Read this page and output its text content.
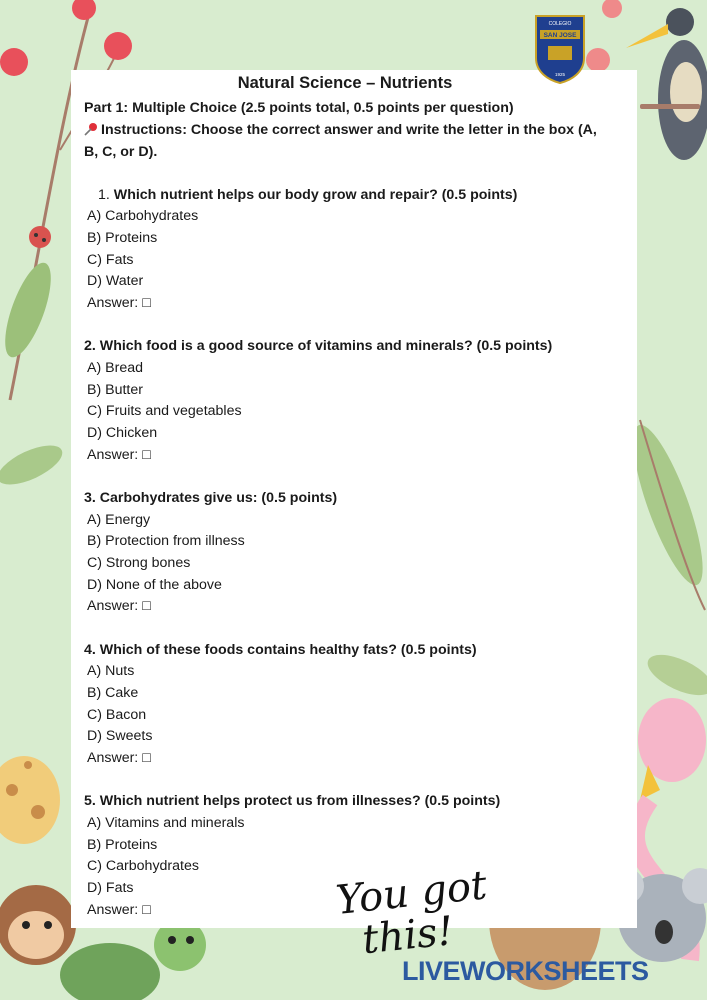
SAN JOSE
COLEGIO
1925
Natural Science – Nutrients
Part 1: Multiple Choice (2.5 points total, 0.5 points per question)
Instructions: Choose the correct answer and write the letter in the box (A,
B, C, or D).
1. Which nutrient helps our body grow and repair? (0.5 points)
A) Carbohydrates
B) Proteins
C) Fats
D) Water
Answer: □
2. Which food is a good source of vitamins and minerals? (0.5 points)
A) Bread
B) Butter
C) Fruits and vegetables
D) Chicken
Answer: □
3. Carbohydrates give us: (0.5 points)
A) Energy
B) Protection from illness
C) Strong bones
D) None of the above
Answer: □
4. Which of these foods contains healthy fats? (0.5 points)
A) Nuts
B) Cake
C) Bacon
D) Sweets
Answer: □
5. Which nutrient helps protect us from illnesses? (0.5 points)
A) Vitamins and minerals
B) Proteins
C) Carbohydrates
D) Fats
Answer: □	You got
this!
LIVEWORKSHEETS
